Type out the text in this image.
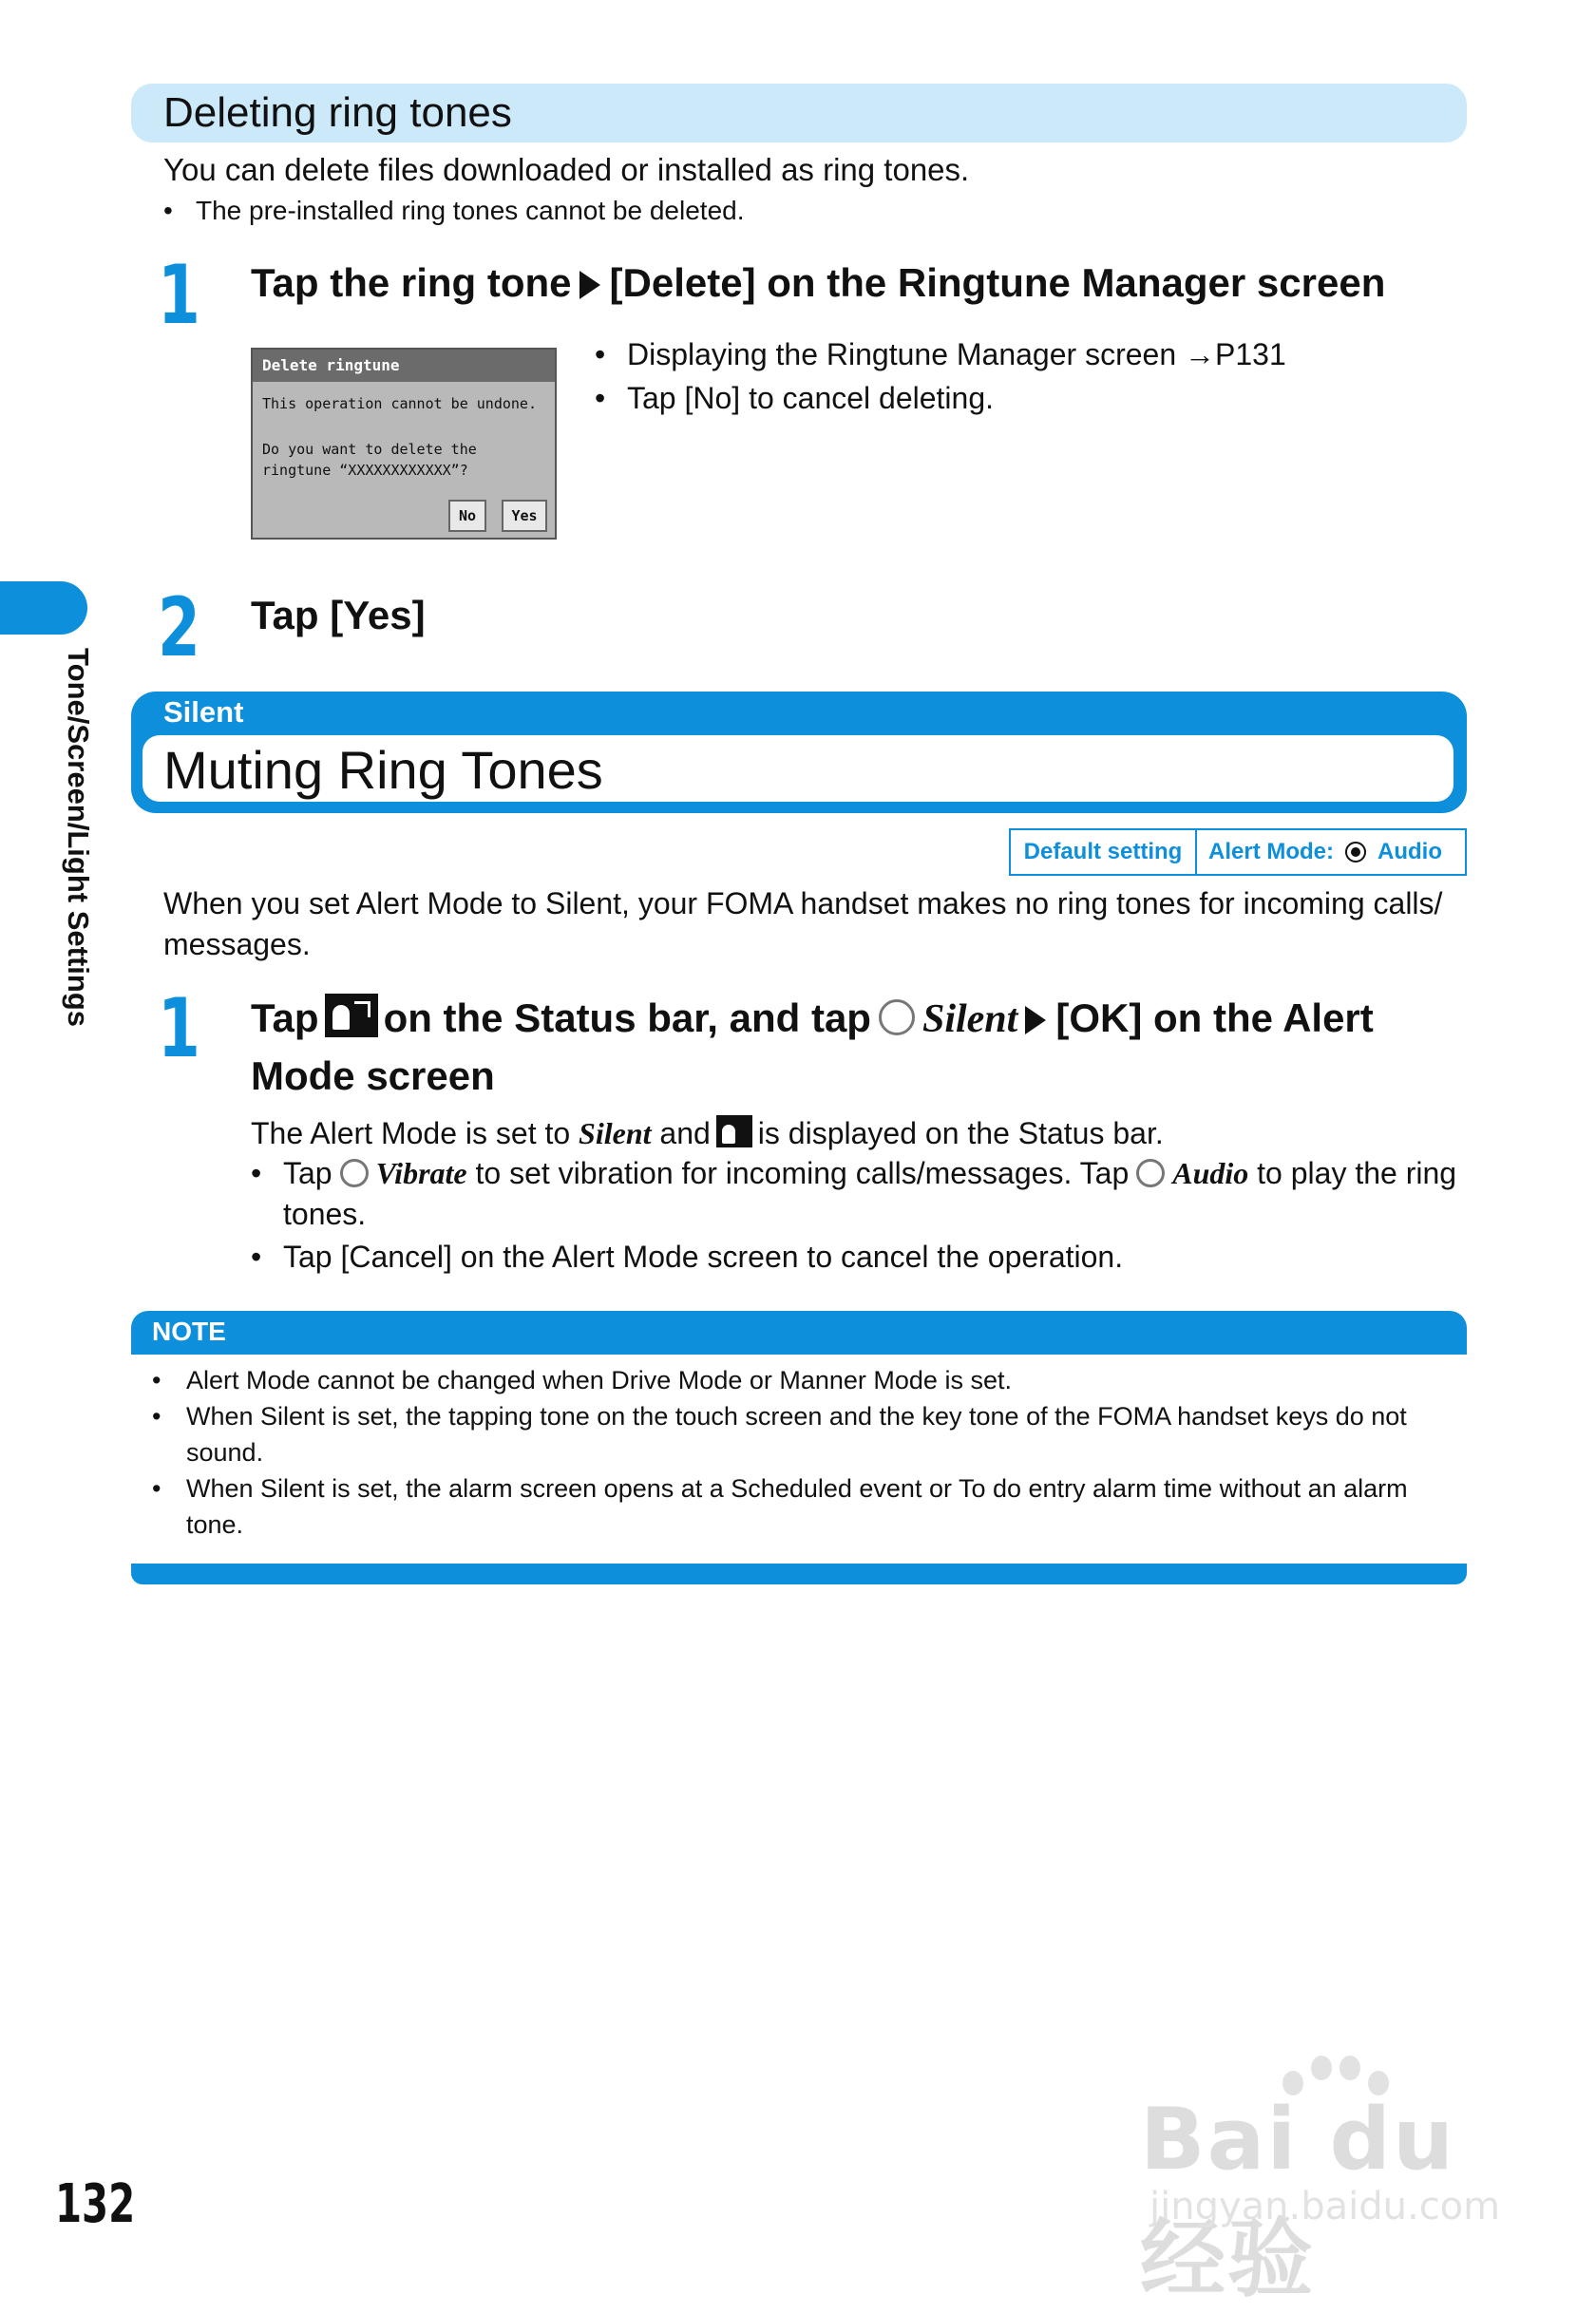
Tone/Screen/Light Settings
Deleting ring tones
You can delete files downloaded or installed as ring tones.
• The pre-installed ring tones cannot be deleted.
1 Tap the ring tone [Delete] on the Ringtune Manager screen
Delete ringtune
This operation cannot be undone.
Do you want to delete the
ringtune “XXXXXXXXXXXX”?
No	Yes
• Displaying the Ringtune Manager screen →P131
• Tap [No] to cancel deleting.
2 Tap [Yes]
Silent
Muting Ring Tones
Default setting	Alert Mode: Audio
When you set Alert Mode to Silent, your FOMA handset makes no ring tones for incoming calls/ messages.
1 Tap on the Status bar, and tap Silent [OK] on the Alert
Mode screen
The Alert Mode is set to Silent and is displayed on the Status bar.
• Tap Vibrate to set vibration for incoming calls/messages. Tap Audio to play the ring
tones.
• Tap [Cancel] on the Alert Mode screen to cancel the operation.
NOTE
• Alert Mode cannot be changed when Drive Mode or Manner Mode is set.
• When Silent is set, the tapping tone on the touch screen and the key tone of the FOMA handset keys do not sound.
• When Silent is set, the alarm screen opens at a Scheduled event or To do entry alarm time without an alarm tone.
132
Bai du 经验
jingyan.baidu.com
